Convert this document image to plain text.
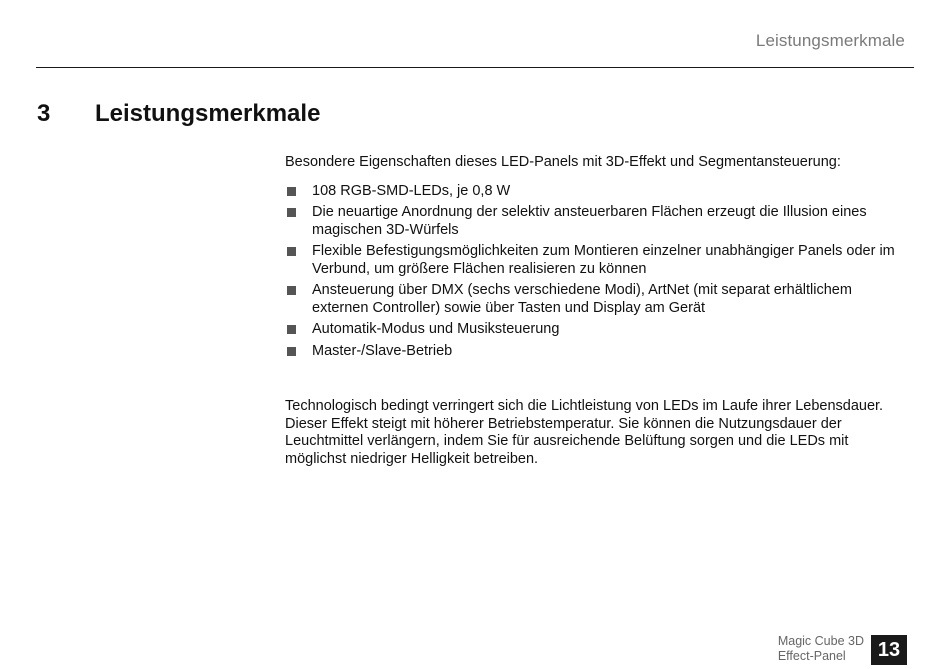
Leistungsmerkmale
3 Leistungsmerkmale

Besondere Eigenschaften dieses LED-Panels mit 3D-Effekt und Segmentansteuerung:

108 RGB-SMD-LEDs, je 0,8 W
Die neuartige Anordnung der selektiv ansteuerbaren Flächen erzeugt die Illusion eines magischen 3D-Würfels
Flexible Befestigungsmöglichkeiten zum Montieren einzelner unabhängiger Panels oder im Verbund, um größere Flächen realisieren zu können
Ansteuerung über DMX (sechs verschiedene Modi), ArtNet (mit separat erhältlichem externen Controller) sowie über Tasten und Display am Gerät
Automatik-Modus und Musiksteuerung
Master-/Slave-Betrieb

Technologisch bedingt verringert sich die Lichtleistung von LEDs im Laufe ihrer Lebensdauer. Dieser Effekt steigt mit höherer Betriebstemperatur. Sie können die Nutzungsdauer der Leuchtmittel verlängern, indem Sie für ausreichende Belüftung sorgen und die LEDs mit möglichst niedriger Helligkeit betreiben.

Magic Cube 3D
Effect-Panel	13
